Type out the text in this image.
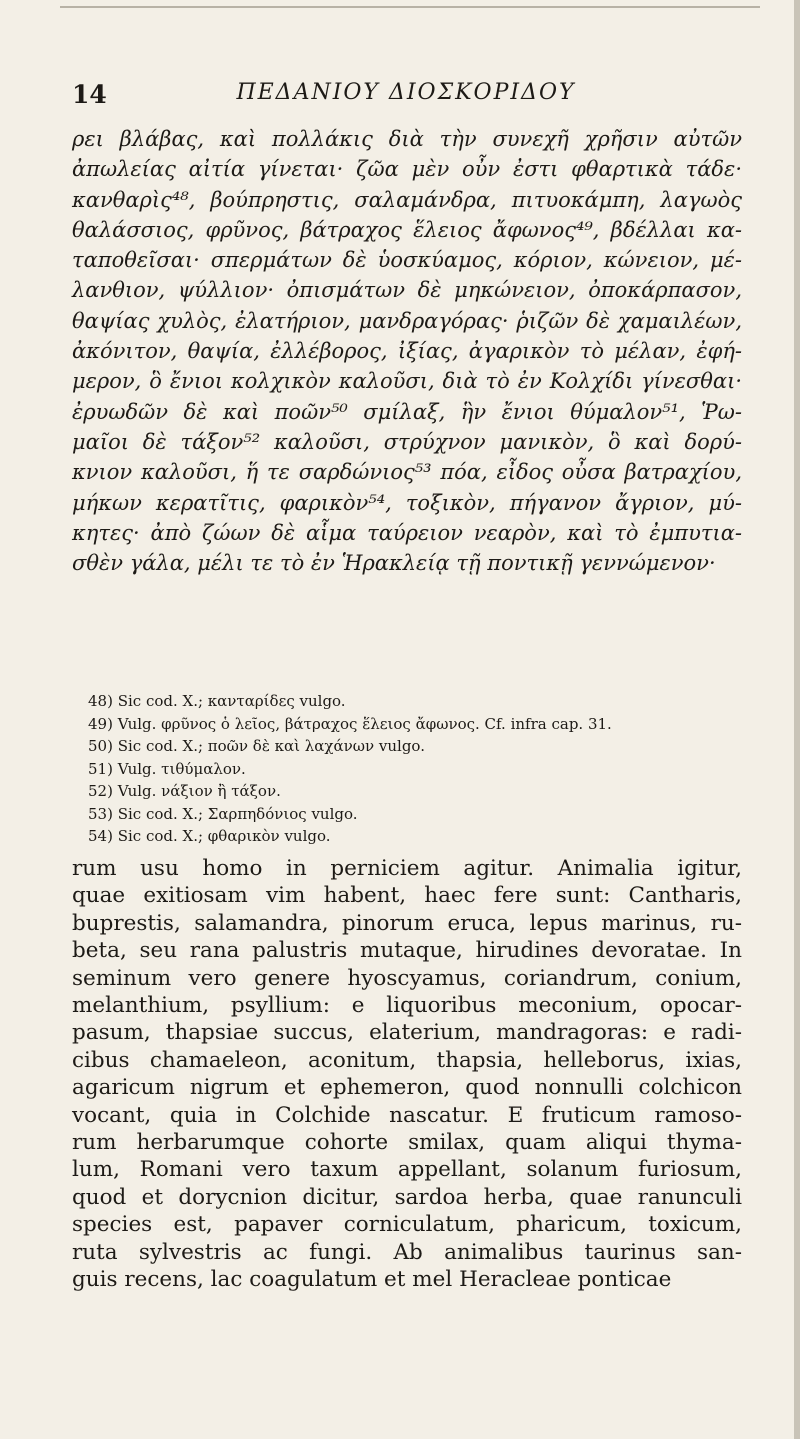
14	ΠΕΔΑΝΙΟΥ ΔΙΟΣΚΟΡΙΔΟΥ
ρει βλάβας, καὶ πολλάκις διὰ τὴν συνεχῆ χρῆσιν αὐτῶν
ἀπωλείας αἰτία γίνεται· ζῶα μὲν οὖν ἐστι φθαρτικὰ τάδε·
κανθαρὶς⁴⁸, βούπρηστις, σαλαμάνδρα, πιτυοκάμπη, λαγωὸς
θαλάσσιος, φρῦνος, βάτραχος ἕλειος ἄφωνος⁴⁹, βδέλλαι κα-
ταποθεῖσαι· σπερμάτων δὲ ὑοσκύαμος, κόριον, κώνειον, μέ-
λανθιον, ψύλλιον· ὀπισμάτων δὲ μηκώνειον, ὀποκάρπασον,
θαψίας χυλὸς, ἐλατήριον, μανδραγόρας· ῥιζῶν δὲ χαμαιλέων,
ἀκόνιτον, θαψία, ἐλλέβορος, ἰξίας, ἀγαρικὸν τὸ μέλαν, ἐφή-
μερον, ὃ ἔνιοι κολχικὸν καλοῦσι, διὰ τὸ ἐν Κολχίδι γίνεσθαι·
ἐρυωδῶν δὲ καὶ ποῶν⁵⁰ σμίλαξ, ἣν ἔνιοι θύμαλον⁵¹, Ῥω-
μαῖοι δὲ τάξον⁵² καλοῦσι, στρύχνον μανικὸν, ὃ καὶ δορύ-
κνιον καλοῦσι, ἥ τε σαρδώνιος⁵³ πόα, εἶδος οὖσα βατραχίου,
μήκων κερατῖτις, φαρικὸν⁵⁴, τοξικὸν, πήγανον ἄγριον, μύ-
κητες· ἀπὸ ζώων δὲ αἷμα ταύρειον νεαρὸν, καὶ τὸ ἐμπυτια-
σθὲν γάλα, μέλι τε τὸ ἐν Ἡρακλείᾳ τῇ ποντικῇ γεννώμενον·
48) Sic cod. X.; κανταρίδες vulgo.
49) Vulg. φρῦνος ὁ λεῖος, βάτραχος ἕλειος ἄφωνος. Cf. infra cap. 31.
50) Sic cod. X.; ποῶν δὲ καὶ λαχάνων vulgo.
51) Vulg. τιθύμαλον.
52) Vulg. νάξιον ἢ τάξον.
53) Sic cod. X.; Σαρπηδόνιος vulgo.
54) Sic cod. X.; φθαρικὸν vulgo.
rum usu homo in perniciem agitur. Animalia igitur,
quae exitiosam vim habent, haec fere sunt: Cantharis,
buprestis, salamandra, pinorum eruca, lepus marinus, ru-
beta, seu rana palustris mutaque, hirudines devoratae. In
seminum vero genere hyoscyamus, coriandrum, conium,
melanthium, psyllium: e liquoribus meconium, opocar-
pasum, thapsiae succus, elaterium, mandragoras: e radi-
cibus chamaeleon, aconitum, thapsia, helleborus, ixias,
agaricum nigrum et ephemeron, quod nonnulli colchicon
vocant, quia in Colchide nascatur. E fruticum ramoso-
rum herbarumque cohorte smilax, quam aliqui thyma-
lum, Romani vero taxum appellant, solanum furiosum,
quod et dorycnion dicitur, sardoa herba, quae ranunculi
species est, papaver corniculatum, pharicum, toxicum,
ruta sylvestris ac fungi. Ab animalibus taurinus san-
guis recens, lac coagulatum et mel Heracleae ponticae
